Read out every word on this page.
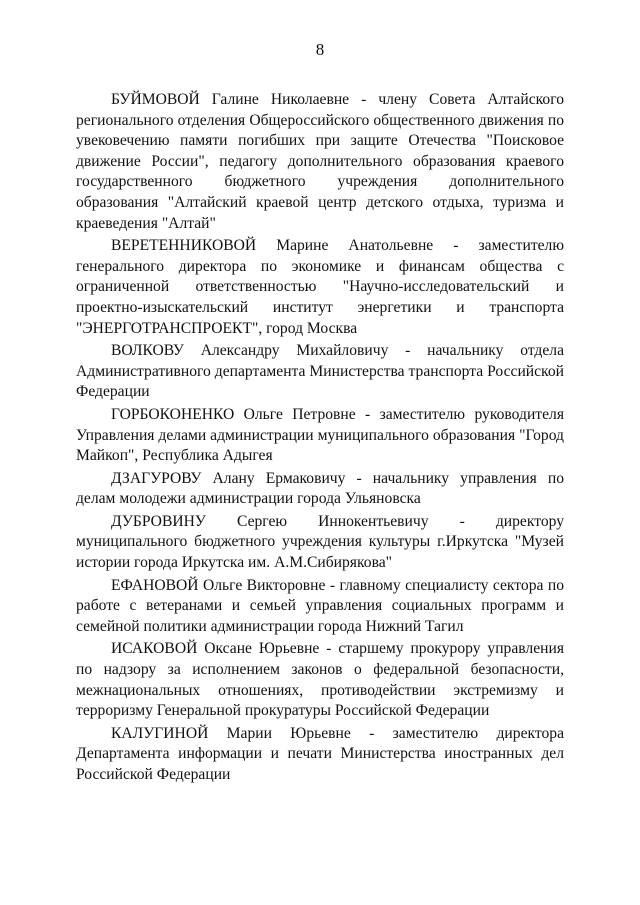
8

БУЙМОВОЙ Галине Николаевне - члену Совета Алтайского регионального отделения Общероссийского общественного движения по увековечению памяти погибших при защите Отечества "Поисковое движение России", педагогу дополнительного образования краевого государственного бюджетного учреждения дополнительного образования "Алтайский краевой центр детского отдыха, туризма и краеведения "Алтай"

ВЕРЕТЕННИКОВОЙ Марине Анатольевне - заместителю генерального директора по экономике и финансам общества с ограниченной ответственностью "Научно-исследовательский и проектно-изыскательский институт энергетики и транспорта "ЭНЕРГОТРАНСПРОЕКТ", город Москва

ВОЛКОВУ Александру Михайловичу - начальнику отдела Административного департамента Министерства транспорта Российской Федерации

ГОРБОКОНЕНКО Ольге Петровне - заместителю руководителя Управления делами администрации муниципального образования "Город Майкоп", Республика Адыгея

ДЗАГУРОВУ Алану Ермаковичу - начальнику управления по делам молодежи администрации города Ульяновска

ДУБРОВИНУ Сергею Иннокентьевичу - директору муниципального бюджетного учреждения культуры г.Иркутска "Музей истории города Иркутска им. А.М.Сибирякова"

ЕФАНОВОЙ Ольге Викторовне - главному специалисту сектора по работе с ветеранами и семьей управления социальных программ и семейной политики администрации города Нижний Тагил

ИСАКОВОЙ Оксане Юрьевне - старшему прокурору управления по надзору за исполнением законов о федеральной безопасности, межнациональных отношениях, противодействии экстремизму и терроризму Генеральной прокуратуры Российской Федерации

КАЛУГИНОЙ Марии Юрьевне - заместителю директора Департамента информации и печати Министерства иностранных дел Российской Федерации
